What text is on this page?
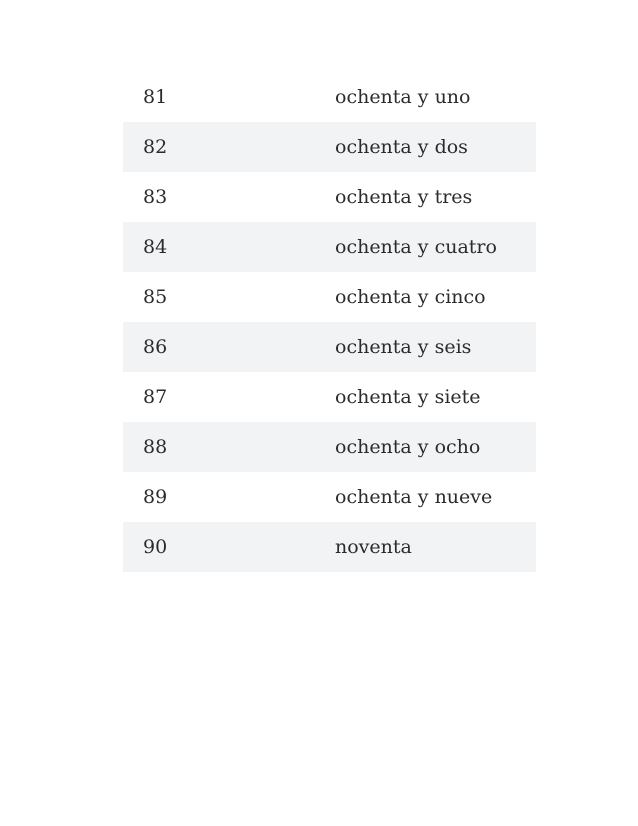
81	ochenta y uno
82	ochenta y dos
83	ochenta y tres
84	ochenta y cuatro
85	ochenta y cinco
86	ochenta y seis
87	ochenta y siete
88	ochenta y ocho
89	ochenta y nueve
90	noventa
